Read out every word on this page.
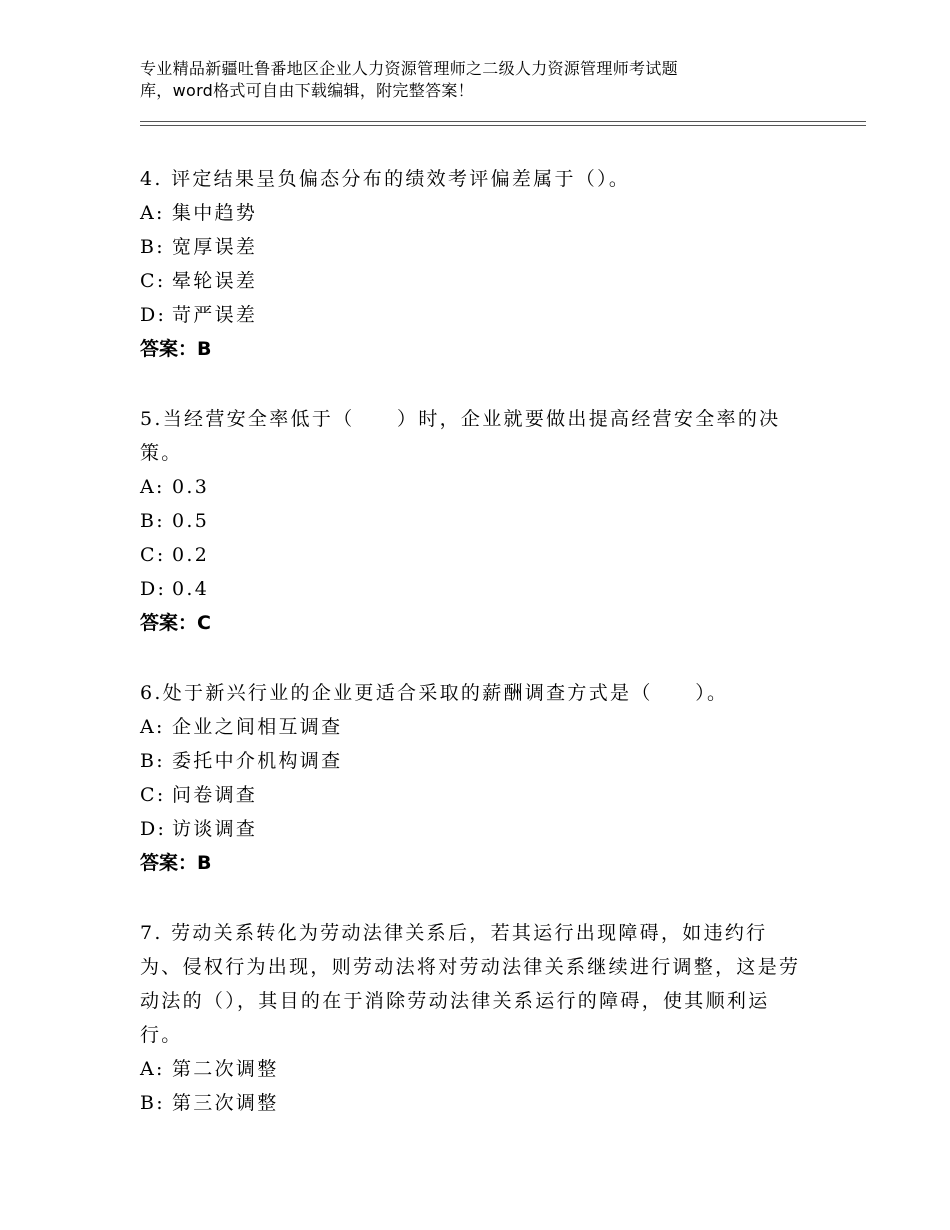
专业精品新疆吐鲁番地区企业人力资源管理师之二级人力资源管理师考试题
库，word格式可自由下载编辑，附完整答案！

4. 评定结果呈负偏态分布的绩效考评偏差属于（）。

A: 集中趋势

B: 宽厚误差

C: 晕轮误差

D: 苛严误差

答案：B

5.当经营安全率低于（　　）时，企业就要做出提高经营安全率的决策。

A: 0.3

B: 0.5

C: 0.2

D: 0.4

答案：C

6.处于新兴行业的企业更适合采取的薪酬调查方式是（　　）。

A: 企业之间相互调查

B: 委托中介机构调查

C: 问卷调查

D: 访谈调查

答案：B

7. 劳动关系转化为劳动法律关系后，若其运行出现障碍，如违约行为、侵权行为出现，则劳动法将对劳动法律关系继续进行调整，这是劳动法的（），其目的在于消除劳动法律关系运行的障碍，使其顺利运行。

A: 第二次调整

B: 第三次调整
